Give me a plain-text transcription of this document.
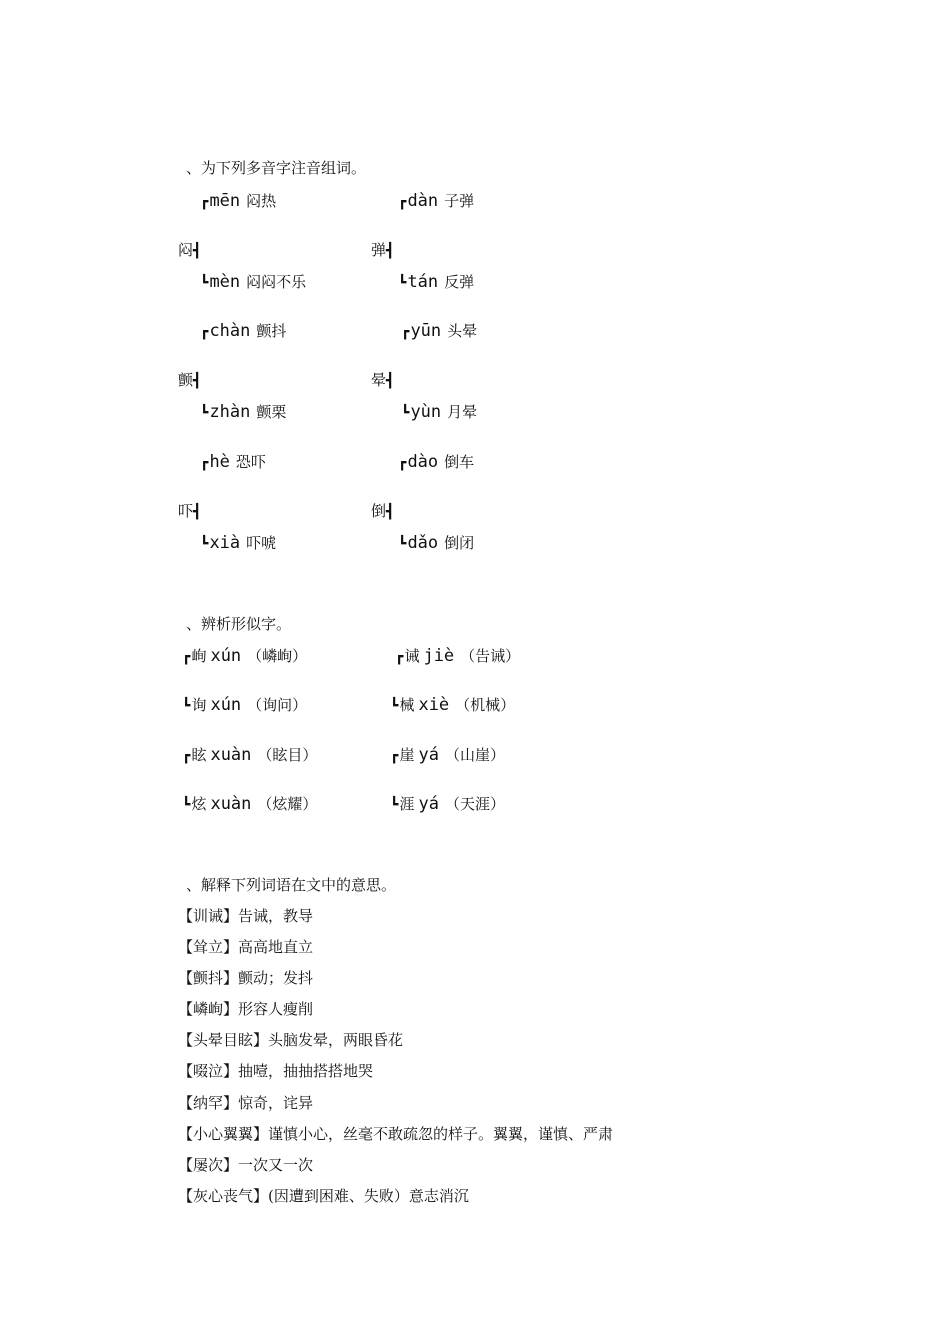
、为下列多音字注音组词。
┏ mēn 闷热
闷 ┫
┗ mèn 闷闷不乐
┏ dàn 子弹
弹 ┫
┗ tán 反弹
┏ chàn 颤抖
颤 ┫
┗ zhàn 颤栗
┏ yūn 头晕
晕 ┫
┗ yùn 月晕
┏ hè 恐吓
吓 ┫
┗ xià 吓唬
┏ dào 倒车
倒 ┫
┗ dǎo 倒闭
、辨析形似字。
┏ 峋 xún （嶙峋）
┗ 询 xún （询问）
┏ 诫 jiè （告诫）
┗ 械 xiè （机械）
┏ 眩 xuàn （眩目）
┗ 炫 xuàn （炫耀）
┏ 崖 yá （山崖）
┗ 涯 yá （天涯）
、解释下列词语在文中的意思。
【训诫】告诫，教导
【耸立】高高地直立
【颤抖】颤动；发抖
【嶙峋】形容人瘦削
【头晕目眩】头脑发晕，两眼昏花
【啜泣】抽噎，抽抽搭搭地哭
【纳罕】惊奇，诧异
【小心翼翼】谨慎小心，丝毫不敢疏忽的样子。翼翼，谨慎、严肃
【屡次】一次又一次
【灰心丧气】(因遭到困难、失败）意志消沉
